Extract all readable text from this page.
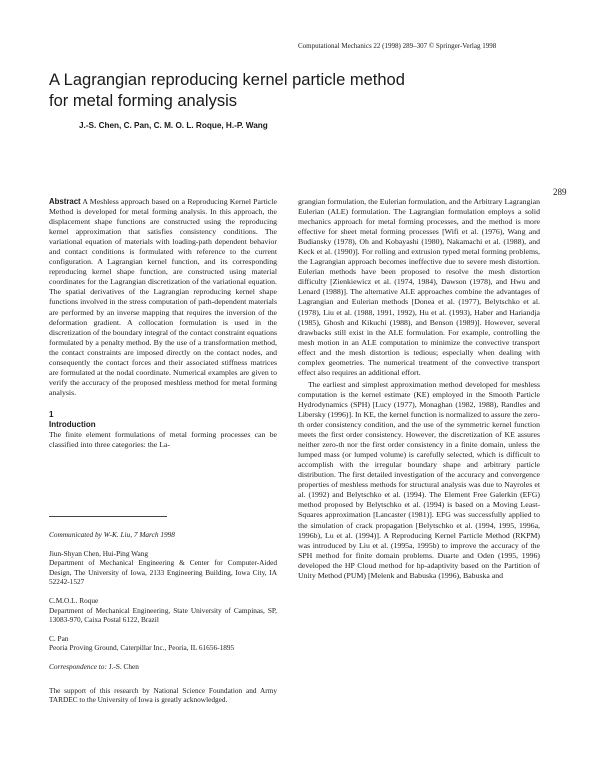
Computational Mechanics 22 (1998) 289–307 © Springer-Verlag 1998
A Lagrangian reproducing kernel particle method
for metal forming analysis
J.-S. Chen, C. Pan, C. M. O. L. Roque, H.-P. Wang
289

Abstract A Meshless approach based on a Reproducing Kernel Particle Method is developed for metal forming analysis. In this approach, the displacement shape functions are constructed using the reproducing kernel approximation that satisfies consistency conditions. The variational equation of materials with loading-path dependent behavior and contact conditions is formulated with reference to the current configuration. A Lagrangian kernel function, and its corresponding reproducing kernel shape function, are constructed using material coordinates for the Lagrangian discretization of the variational equation. The spatial derivatives of the Lagrangian reproducing kernel shape functions involved in the stress computation of path-dependent materials are performed by an inverse mapping that requires the inversion of the deformation gradient. A collocation formulation is used in the discretization of the boundary integral of the contact constraint equations formulated by a penalty method. By the use of a transformation method, the contact constraints are imposed directly on the contact nodes, and consequently the contact forces and their associated stiffness matrices are formulated at the nodal coordinate. Numerical examples are given to verify the accuracy of the proposed meshless method for metal forming analysis.

1

Introduction

The finite element formulations of metal forming processes can be classified into three categories: the La-

Communicated by W-K. Liu, 7 March 1998

Jiun-Shyan Chen, Hui-Ping Wang

Department of Mechanical Engineering & Center for Computer-Aided Design, The University of Iowa, 2133 Engineering Building, Iowa City, IA 52242-1527

C.M.O.L. Roque

Department of Mechanical Engineering, State University of Campinas, SP, 13083-970, Caixa Postal 6122, Brazil

C. Pan

Peoria Proving Ground, Caterpillar Inc., Peoria, IL 61656-1895

Correspondence to: J.-S. Chen

The support of this research by National Science Foundation and Army TARDEC to the University of Iowa is greatly acknowledged.

grangian formulation, the Eulerian formulation, and the Arbitrary Lagrangian Eulerian (ALE) formulation. The Lagrangian formulation employs a solid mechanics approach for metal forming processes, and the method is more effective for sheet metal forming processes [Wifi et al. (1976), Wang and Budiansky (1978), Oh and Kobayashi (1980), Nakamachi et al. (1988), and Keck et al. (1990)]. For rolling and extrusion typed metal forming problems, the Lagrangian approach becomes ineffective due to severe mesh distortion. Eulerian methods have been proposed to resolve the mesh distortion difficulty [Zienkiewicz et al. (1974, 1984), Dawson (1978), and Hwu and Lenard (1988)]. The alternative ALE approaches combine the advantages of Lagrangian and Eulerian methods [Donea et al. (1977), Belytschko et al. (1978), Liu et al. (1988, 1991, 1992), Hu et al. (1993), Haber and Hariandja (1985), Ghosh and Kikuchi (1988), and Benson (1989)]. However, several drawbacks still exist in the ALE formulation. For example, controlling the mesh motion in an ALE computation to minimize the convective transport effect and the mesh distortion is tedious; especially when dealing with complex geometries. The numerical treatment of the convective transport effect also requires an additional effort.

The earliest and simplest approximation method developed for meshless computation is the kernel estimate (KE) employed in the Smooth Particle Hydrodynamics (SPH) [Lucy (1977), Monaghan (1982, 1988), Randles and Libersky (1996)]. In KE, the kernel function is normalized to assure the zero-th order consistency condition, and the use of the symmetric kernel function meets the first order consistency. However, the discretization of KE assures neither zero-th nor the first order consistency in a finite domain, unless the lumped mass (or lumped volume) is carefully selected, which is difficult to accomplish with the irregular boundary shape and arbitrary particle distribution. The first detailed investigation of the accuracy and convergence properties of meshless methods for structural analysis was due to Nayroles et al. (1992) and Belytschko et al. (1994). The Element Free Galerkin (EFG) method proposed by Belytschko et al. (1994) is based on a Moving Least-Squares approximation [Lancaster (1981)]. EFG was successfully applied to the simulation of crack propagation [Belytschko et al. (1994, 1995, 1996a, 1996b), Lu et al. (1994)]. A Reproducing Kernel Particle Method (RKPM) was introduced by Liu et al. (1995a, 1995b) to improve the accuracy of the SPH method for finite domain problems. Duarte and Oden (1995, 1996) developed the HP Cloud method for hp-adaptivity based on the Partition of Unity Method (PUM) [Melenk and Babuska (1996), Babuska and
